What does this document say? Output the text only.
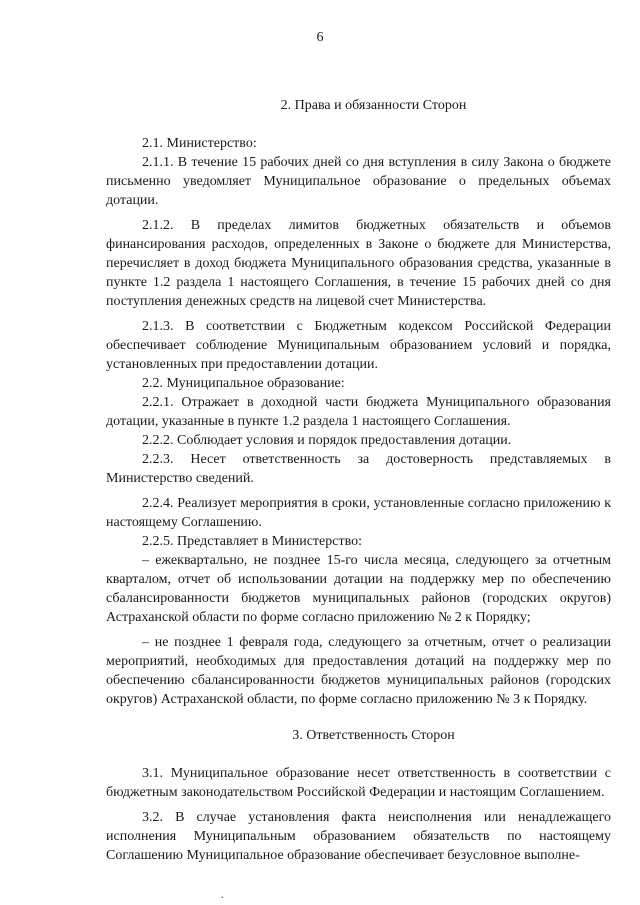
6
2. Права и обязанности Сторон

2.1. Министерство:

2.1.1. В течение 15 рабочих дней со дня вступления в силу Закона о бюджете письменно уведомляет Муниципальное образование о предельных объемах дотации.

2.1.2. В пределах лимитов бюджетных обязательств и объемов финансирования расходов, определенных в Законе о бюджете для Министерства, перечисляет в доход бюджета Муниципального образования средства, указанные в пункте 1.2 раздела 1 настоящего Соглашения, в течение 15 рабочих дней со дня поступления денежных средств на лицевой счет Министерства.

2.1.3. В соответствии с Бюджетным кодексом Российской Федерации обеспечивает соблюдение Муниципальным образованием условий и порядка, установленных при предоставлении дотации.

2.2. Муниципальное образование:

2.2.1. Отражает в доходной части бюджета Муниципального образования дотации, указанные в пункте 1.2 раздела 1 настоящего Соглашения.

2.2.2. Соблюдает условия и порядок предоставления дотации.

2.2.3. Несет ответственность за достоверность представляемых в Министерство сведений.

2.2.4. Реализует мероприятия в сроки, установленные согласно приложению к настоящему Соглашению.

2.2.5. Представляет в Министерство:

– ежеквартально, не позднее 15-го числа месяца, следующего за отчетным кварталом, отчет об использовании дотации на поддержку мер по обеспечению сбалансированности бюджетов муниципальных районов (городских округов) Астраханской области по форме согласно приложению № 2 к Порядку;

– не позднее 1 февраля года, следующего за отчетным, отчет о реализации мероприятий, необходимых для предоставления дотаций на поддержку мер по обеспечению сбалансированности бюджетов муниципальных районов (городских округов) Астраханской области, по форме согласно приложению № 3 к Порядку.

3. Ответственность Сторон

3.1. Муниципальное образование несет ответственность в соответствии с бюджетным законодательством Российской Федерации и настоящим Соглашением.

3.2. В случае установления факта неисполнения или ненадлежащего исполнения Муниципальным образованием обязательств по настоящему Соглашению Муниципальное образование обеспечивает безусловное выполне-

.
